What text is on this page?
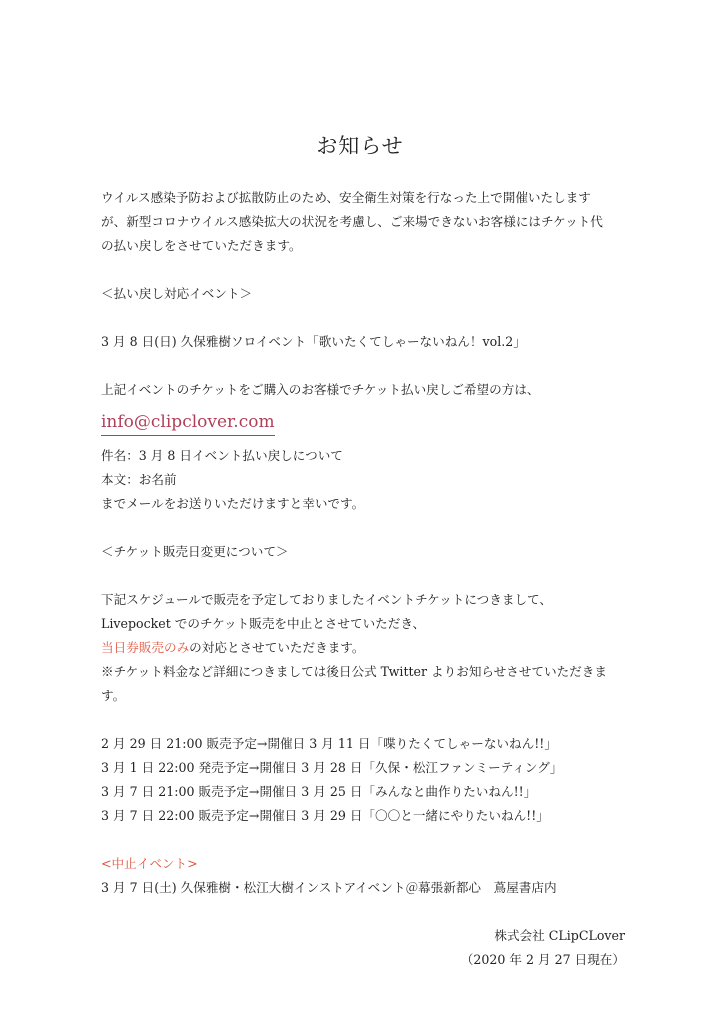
お知らせ

ウイルス感染予防および拡散防止のため、安全衛生対策を行なった上で開催いたします

が、新型コロナウイルス感染拡大の状況を考慮し、ご来場できないお客様にはチケット代

の払い戻しをさせていただきます。

＜払い戻し対応イベント＞

3 月 8 日(日) 久保雅樹ソロイベント「歌いたくてしゃーないねん！vol.2」

上記イベントのチケットをご購入のお客様でチケット払い戻しご希望の方は、

info@clipclover.com

件名：3 月 8 日イベント払い戻しについて

本文：お名前

までメールをお送りいただけますと幸いです。

＜チケット販売日変更について＞

下記スケジュールで販売を予定しておりましたイベントチケットにつきまして、

Livepocket でのチケット販売を中止とさせていただき、

当日券販売のみの対応とさせていただきます。

※チケット料金など詳細につきましては後日公式 Twitter よりお知らせさせていただきま

す。

2 月 29 日 21:00 販売予定→開催日 3 月 11 日「喋りたくてしゃーないねん!!」

3 月 1 日 22:00 発売予定→開催日 3 月 28 日「久保・松江ファンミーティング」

3 月 7 日 21:00 販売予定→開催日 3 月 25 日「みんなと曲作りたいねん!!」

3 月 7 日 22:00 販売予定→開催日 3 月 29 日「〇〇と一緒にやりたいねん!!」

<中止イベント>

3 月 7 日(土) 久保雅樹・松江大樹インストアイベント＠幕張新都心　蔦屋書店内

株式会社 CLipCLover

（2020 年 2 月 27 日現在）
